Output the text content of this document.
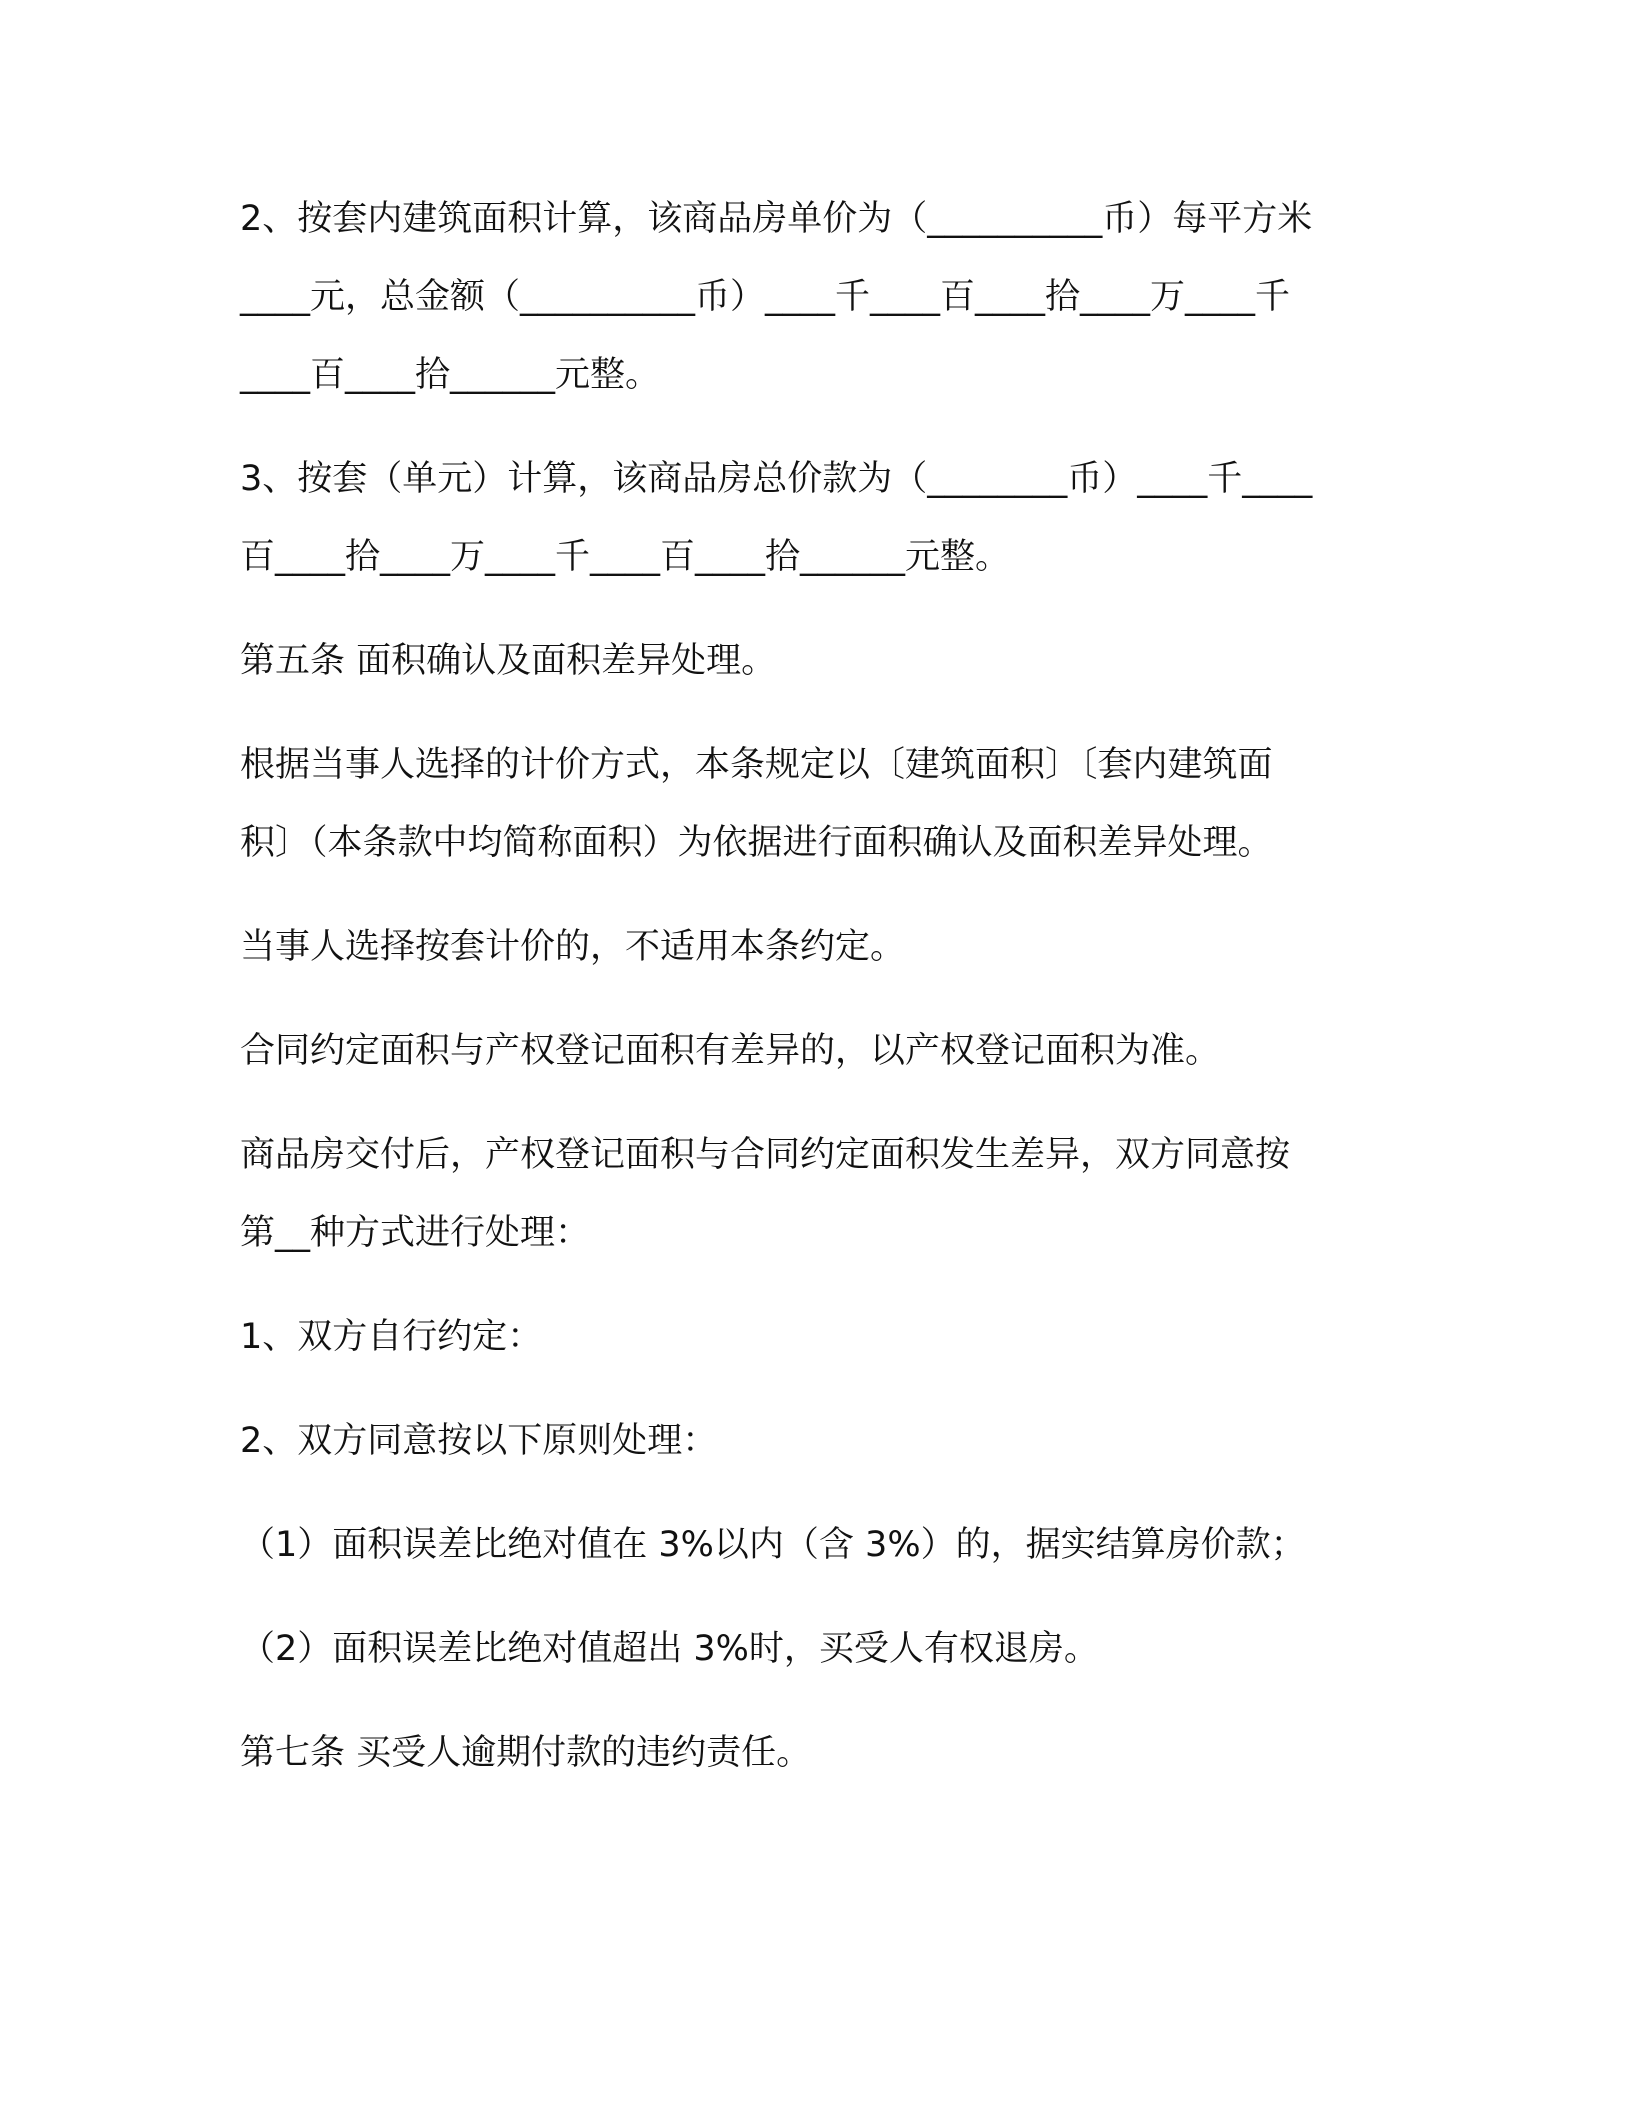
2、按套内建筑面积计算，该商品房单价为（__________币）每平方米
____元，总金额（__________币）____千____百____拾____万____千
____百____拾______元整。

3、按套（单元）计算，该商品房总价款为（________币）____千____
百____拾____万____千____百____拾______元整。

第五条 面积确认及面积差异处理。

根据当事人选择的计价方式，本条规定以〔建筑面积〕〔套内建筑面
积〕（本条款中均简称面积）为依据进行面积确认及面积差异处理。

当事人选择按套计价的，不适用本条约定。

合同约定面积与产权登记面积有差异的，以产权登记面积为准。

商品房交付后，产权登记面积与合同约定面积发生差异，双方同意按
第__种方式进行处理：

1、双方自行约定：

2、双方同意按以下原则处理：

（1）面积误差比绝对值在 3%以内（含 3%）的，据实结算房价款；

（2）面积误差比绝对值超出 3%时，买受人有权退房。

第七条 买受人逾期付款的违约责任。
